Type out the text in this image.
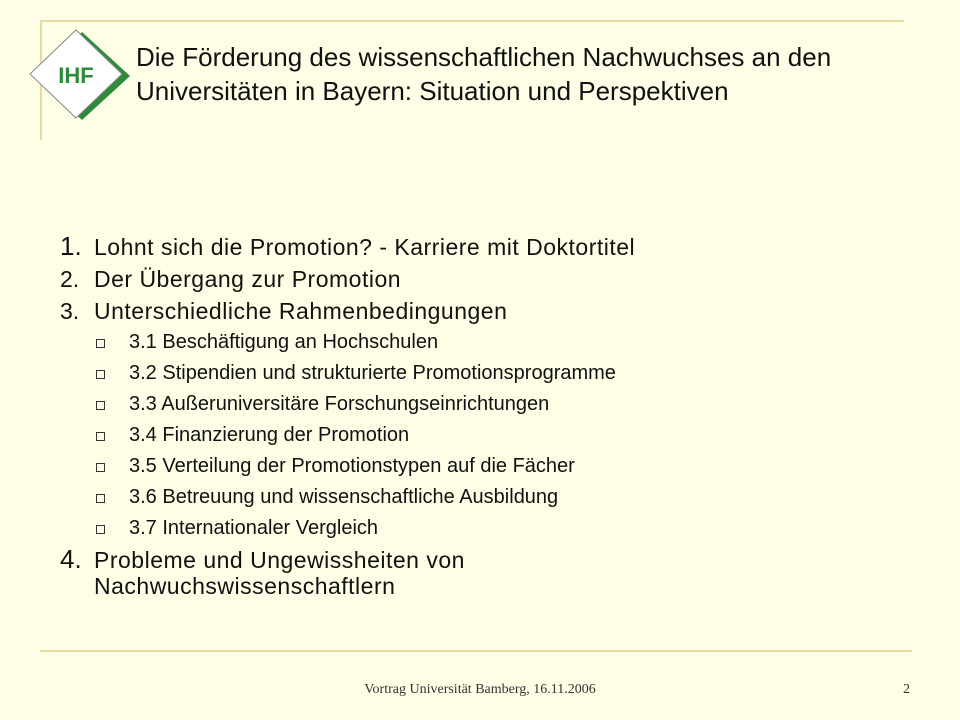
IHF
Die Förderung des wissenschaftlichen Nachwuchses an den Universitäten in Bayern: Situation und Perspektiven
1. Lohnt sich die Promotion? - Karriere mit Doktortitel
2. Der Übergang zur Promotion
3. Unterschiedliche Rahmenbedingungen
3.1 Beschäftigung an Hochschulen
3.2 Stipendien und strukturierte Promotionsprogramme
3.3 Außeruniversitäre Forschungseinrichtungen
3.4 Finanzierung der Promotion
3.5 Verteilung der Promotionstypen auf die Fächer
3.6 Betreuung und wissenschaftliche Ausbildung
3.7 Internationaler Vergleich
4. Probleme und Ungewissheiten von Nachwuchswissenschaftlern
Vortrag Universität Bamberg, 16.11.2006	2
